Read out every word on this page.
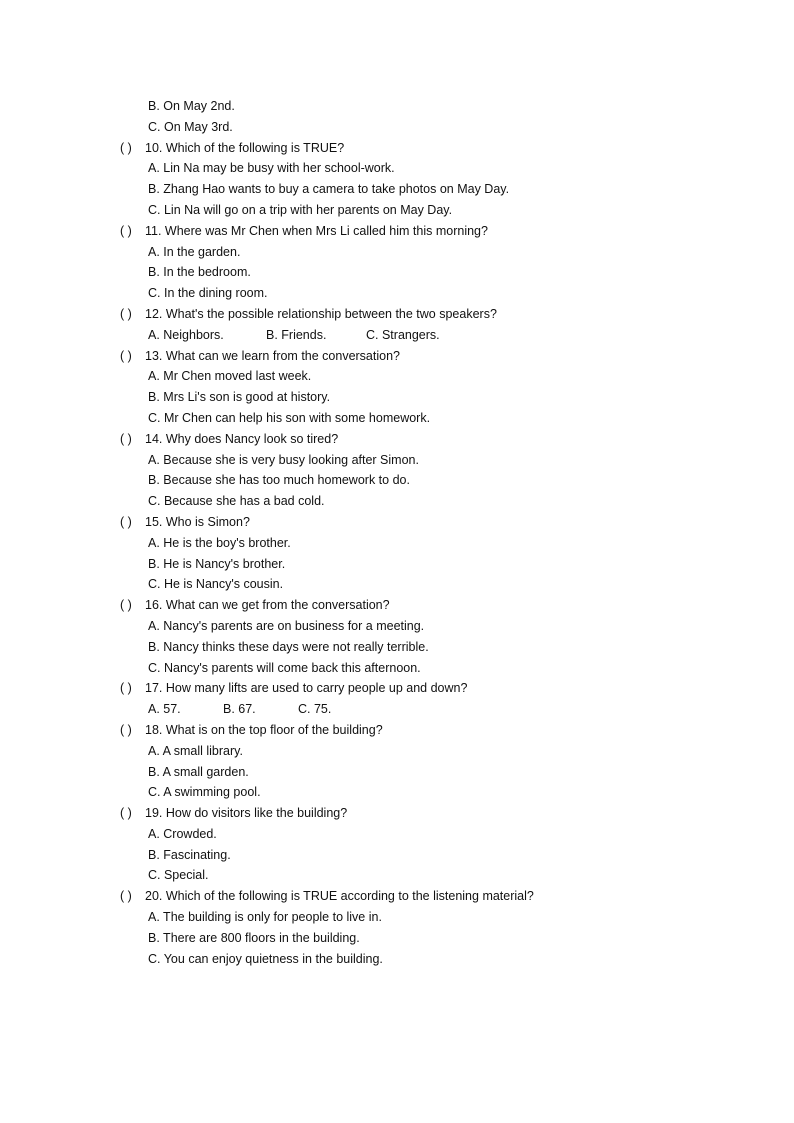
B. On May 2nd.
C. On May 3rd.
( ) 10. Which of the following is TRUE?
A. Lin Na may be busy with her school-work.
B. Zhang Hao wants to buy a camera to take photos on May Day.
C. Lin Na will go on a trip with her parents on May Day.
( ) 11. Where was Mr Chen when Mrs Li called him this morning?
A. In the garden.
B. In the bedroom.
C. In the dining room.
( ) 12. What's the possible relationship between the two speakers?
A. Neighbors.	B. Friends.	C. Strangers.
( ) 13. What can we learn from the conversation?
A. Mr Chen moved last week.
B. Mrs Li's son is good at history.
C. Mr Chen can help his son with some homework.
( ) 14. Why does Nancy look so tired?
A. Because she is very busy looking after Simon.
B. Because she has too much homework to do.
C. Because she has a bad cold.
( ) 15. Who is Simon?
A. He is the boy's brother.
B. He is Nancy's brother.
C. He is Nancy's cousin.
( ) 16. What can we get from the conversation?
A. Nancy's parents are on business for a meeting.
B. Nancy thinks these days were not really terrible.
C. Nancy's parents will come back this afternoon.
( ) 17. How many lifts are used to carry people up and down?
A. 57.	B. 67.	C. 75.
( ) 18. What is on the top floor of the building?
A. A small library.
B. A small garden.
C. A swimming pool.
( ) 19. How do visitors like the building?
A. Crowded.
B. Fascinating.
C. Special.
( ) 20. Which of the following is TRUE according to the listening material?
A. The building is only for people to live in.
B. There are 800 floors in the building.
C. You can enjoy quietness in the building.
